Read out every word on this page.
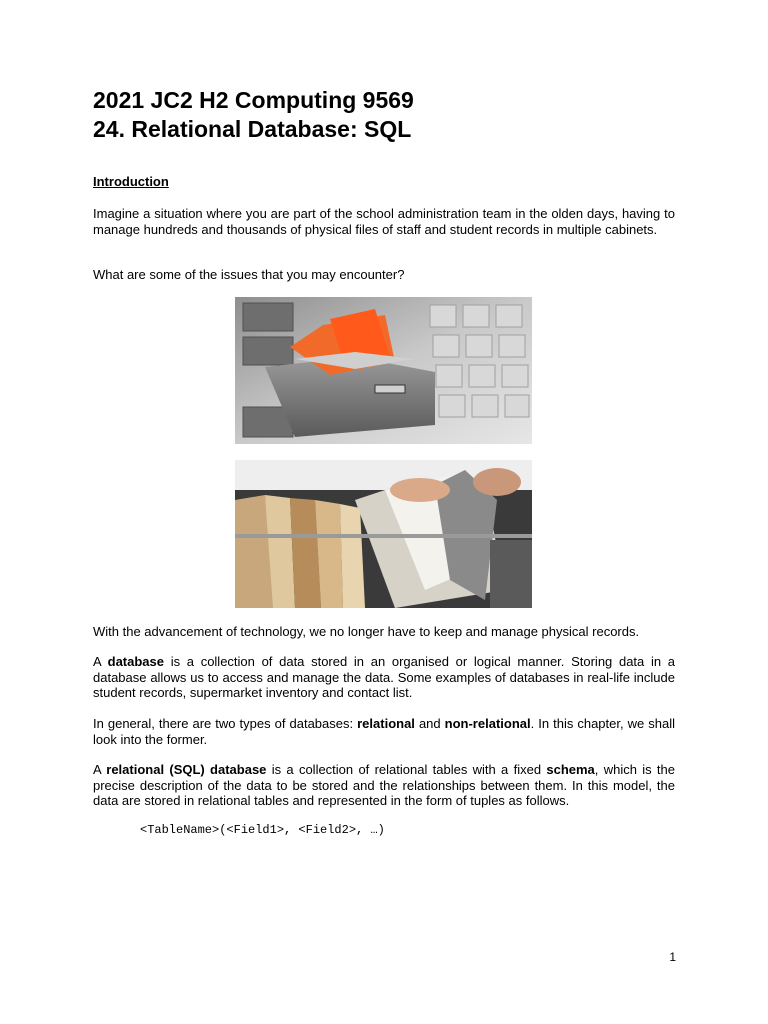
2021 JC2 H2 Computing 9569
24. Relational Database: SQL

Introduction

Imagine a situation where you are part of the school administration team in the olden days, having to manage hundreds and thousands of physical files of staff and student records in multiple cabinets.

What are some of the issues that you may encounter?

With the advancement of technology, we no longer have to keep and manage physical records.

A database is a collection of data stored in an organised or logical manner. Storing data in a database allows us to access and manage the data. Some examples of databases in real-life include student records, supermarket inventory and contact list.

In general, there are two types of databases: relational and non-relational. In this chapter, we shall look into the former.

A relational (SQL) database is a collection of relational tables with a fixed schema, which is the precise description of the data to be stored and the relationships between them. In this model, the data are stored in relational tables and represented in the form of tuples as follows.

<TableName>(<Field1>, <Field2>, …)

1
